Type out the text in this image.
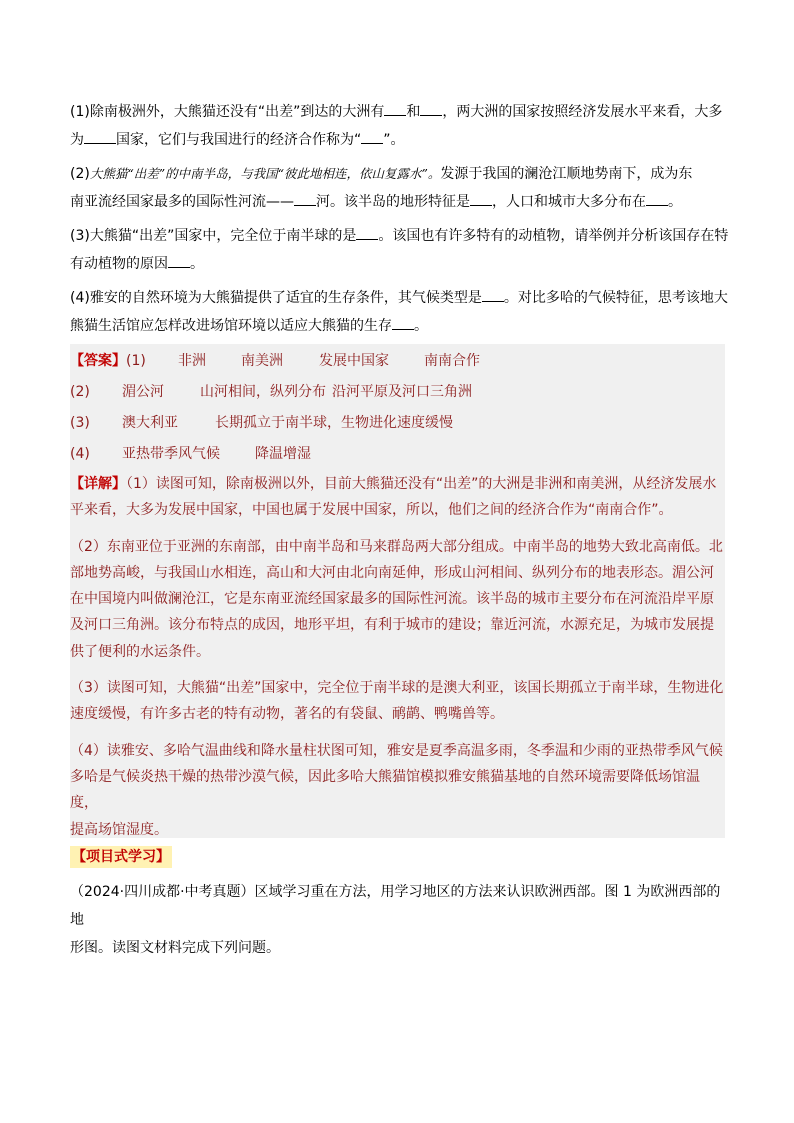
(1)除南极洲外，大熊猫还没有“出差”到达的大洲有 和 ，两大洲的国家按照经济发展水平来看，大多

为 国家，它们与我国进行的经济合作称为“ ”。

(2)大熊猫“出差”的中南半岛，与我国“彼此地相连，依山复露水”。发源于我国的澜沧江顺地势南下，成为东

南亚流经国家最多的国际性河流—— 河。该半岛的地形特征是 ，人口和城市大多分布在 。

(3)大熊猫“出差”国家中，完全位于南半球的是 。该国也有许多特有的动植物，请举例并分析该国存在特

有动植物的原因 。

(4)雅安的自然环境为大熊猫提供了适宜的生存条件，其气候类型是 。对比多哈的气候特征，思考该地大

熊猫生活馆应怎样改进场馆环境以适应大熊猫的生存 。

【答案】 (1)	非洲	南美洲	发展中国家	南南合作
(2)	湄公河	山河相间，纵列分布 沿河平原及河口三角洲
(3)	澳大利亚	长期孤立于南半球，生物进化速度缓慢
(4)	亚热带季风气候	降温增湿

【详解】（1）读图可知，除南极洲以外，目前大熊猫还没有“出差”的大洲是非洲和南美洲，从经济发展水

平来看，大多为发展中国家，中国也属于发展中国家，所以，他们之间的经济合作为“南南合作”。

（2）东南亚位于亚洲的东南部，由中南半岛和马来群岛两大部分组成。中南半岛的地势大致北高南低。北

部地势高峻，与我国山水相连，高山和大河由北向南延伸，形成山河相间、纵列分布的地表形态。湄公河

在中国境内叫做澜沧江，它是东南亚流经国家最多的国际性河流。该半岛的城市主要分布在河流沿岸平原

及河口三角洲。该分布特点的成因，地形平坦，有利于城市的建设；靠近河流，水源充足，为城市发展提

供了便利的水运条件。

（3）读图可知，大熊猫“出差”国家中，完全位于南半球的是澳大利亚，该国长期孤立于南半球，生物进化

速度缓慢，有许多古老的特有动物，著名的有袋鼠、鸸鹋、鸭嘴兽等。

（4）读雅安、多哈气温曲线和降水量柱状图可知，雅安是夏季高温多雨，冬季温和少雨的亚热带季风气候

多哈是气候炎热干燥的热带沙漠气候，因此多哈大熊猫馆模拟雅安熊猫基地的自然环境需要降低场馆温度，

提高场馆湿度。

【项目式学习】

（2024·四川成都·中考真题）区域学习重在方法，用学习地区的方法来认识欧洲西部。图 1 为欧洲西部的地

形图。读图文材料完成下列问题。
